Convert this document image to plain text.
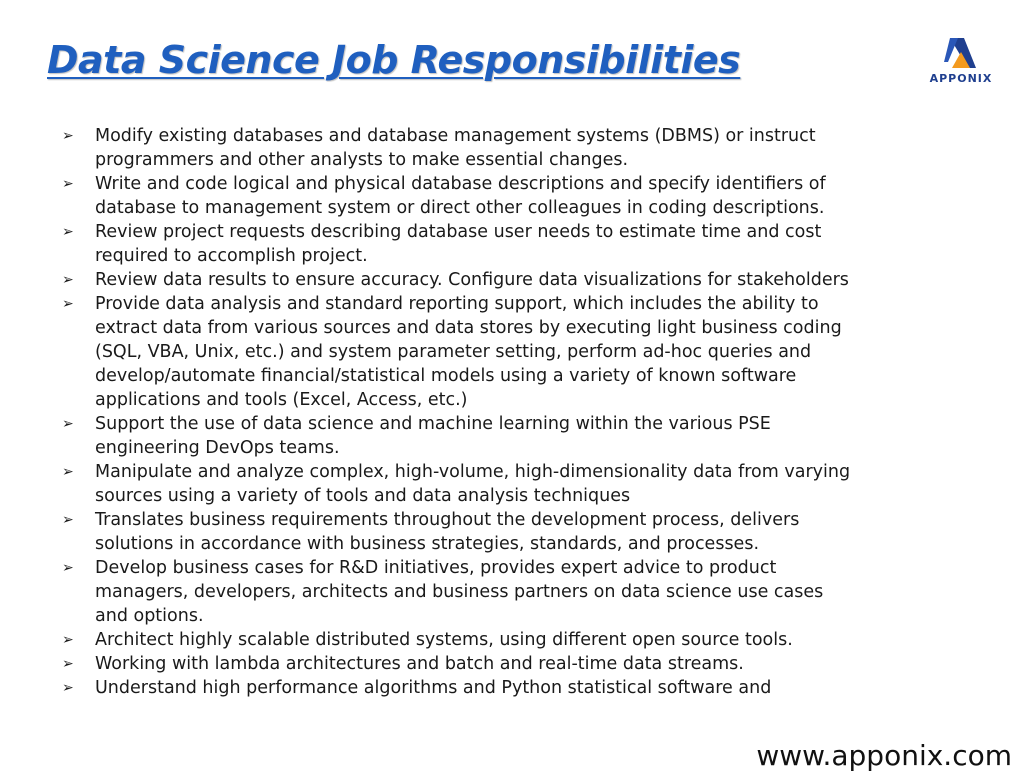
Data Science Job Responsibilities	APPONIX
➢	Modify existing databases and database management systems (DBMS) or instruct programmers and other analysts to make essential changes.
➢	Write and code logical and physical database descriptions and specify identifiers of database to management system or direct other colleagues in coding descriptions.
➢	Review project requests describing database user needs to estimate time and cost required to accomplish project.
➢	Review data results to ensure accuracy. Configure data visualizations for stakeholders
➢	Provide data analysis and standard reporting support, which includes the ability to extract data from various sources and data stores by executing light business coding (SQL, VBA, Unix, etc.) and system parameter setting, perform ad-hoc queries and develop/automate financial/statistical models using a variety of known software applications and tools (Excel, Access, etc.)
➢	Support the use of data science and machine learning within the various PSE engineering DevOps teams.
➢	Manipulate and analyze complex, high-volume, high-dimensionality data from varying sources using a variety of tools and data analysis techniques
➢	Translates business requirements throughout the development process, delivers solutions in accordance with business strategies, standards, and processes.
➢	Develop business cases for R&D initiatives, provides expert advice to product managers, developers, architects and business partners on data science use cases and options.
➢	Architect highly scalable distributed systems, using different open source tools.
➢	Working with lambda architectures and batch and real-time data streams.
➢	Understand high performance algorithms and Python statistical software and
www.apponix.com
